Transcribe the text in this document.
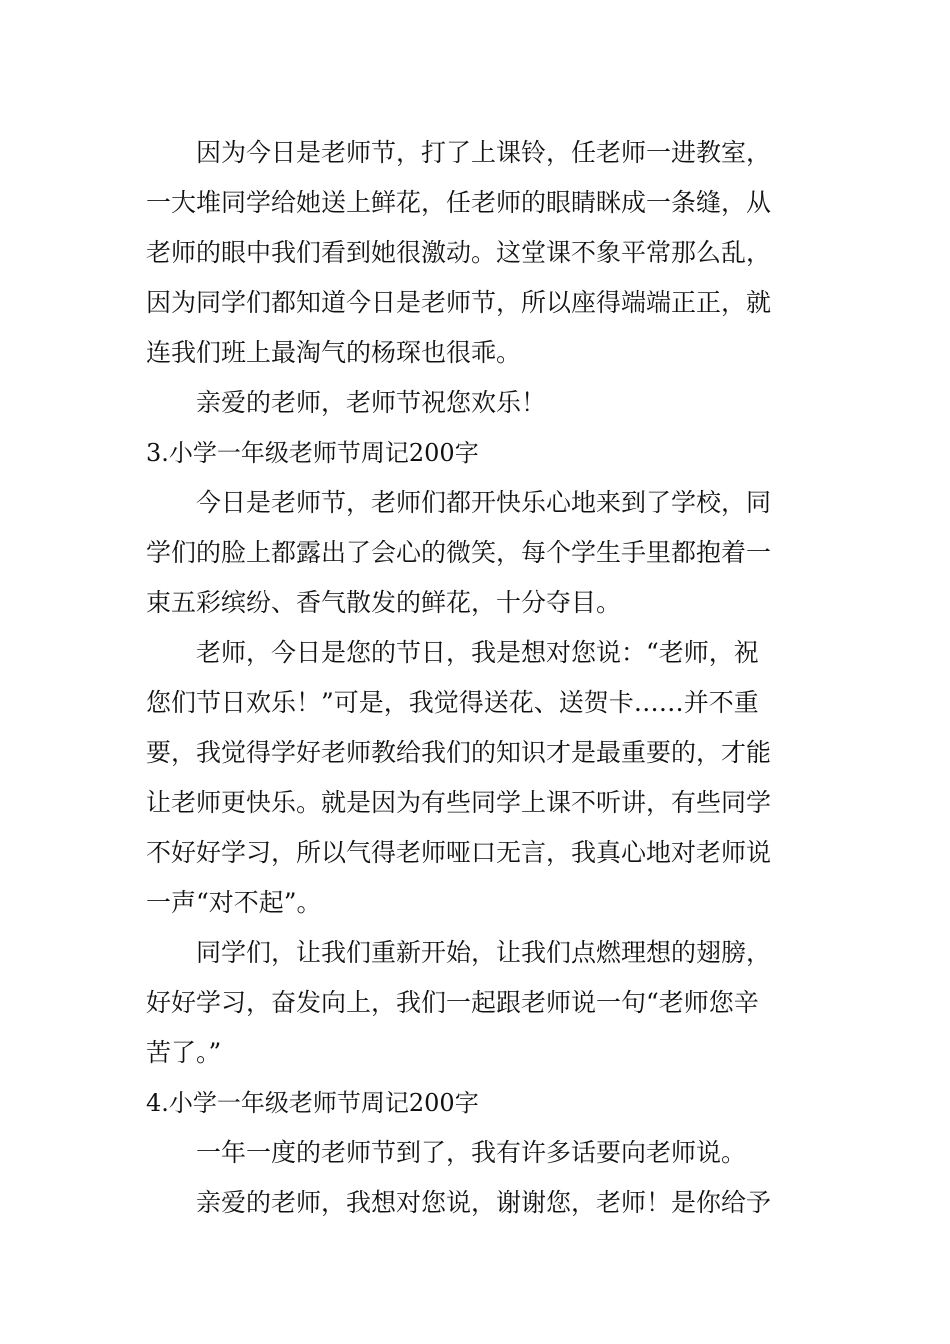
因为今日是老师节，打了上课铃，任老师一进教室，
一大堆同学给她送上鲜花，任老师的眼睛眯成一条缝，从
老师的眼中我们看到她很激动。这堂课不象平常那么乱，
因为同学们都知道今日是老师节，所以座得端端正正，就
连我们班上最淘气的杨琛也很乖。
亲爱的老师，老师节祝您欢乐！
3.小学一年级老师节周记200字
今日是老师节，老师们都开快乐心地来到了学校，同
学们的脸上都露出了会心的微笑，每个学生手里都抱着一
束五彩缤纷、香气散发的鲜花，十分夺目。
老师，今日是您的节日，我是想对您说：“老师，祝
您们节日欢乐！”可是，我觉得送花、送贺卡……并不重
要，我觉得学好老师教给我们的知识才是最重要的，才能
让老师更快乐。就是因为有些同学上课不听讲，有些同学
不好好学习，所以气得老师哑口无言，我真心地对老师说
一声“对不起”。
同学们，让我们重新开始，让我们点燃理想的翅膀，
好好学习，奋发向上，我们一起跟老师说一句“老师您辛
苦了。”
4.小学一年级老师节周记200字
一年一度的老师节到了，我有许多话要向老师说。
亲爱的老师，我想对您说，谢谢您，老师！是你给予
